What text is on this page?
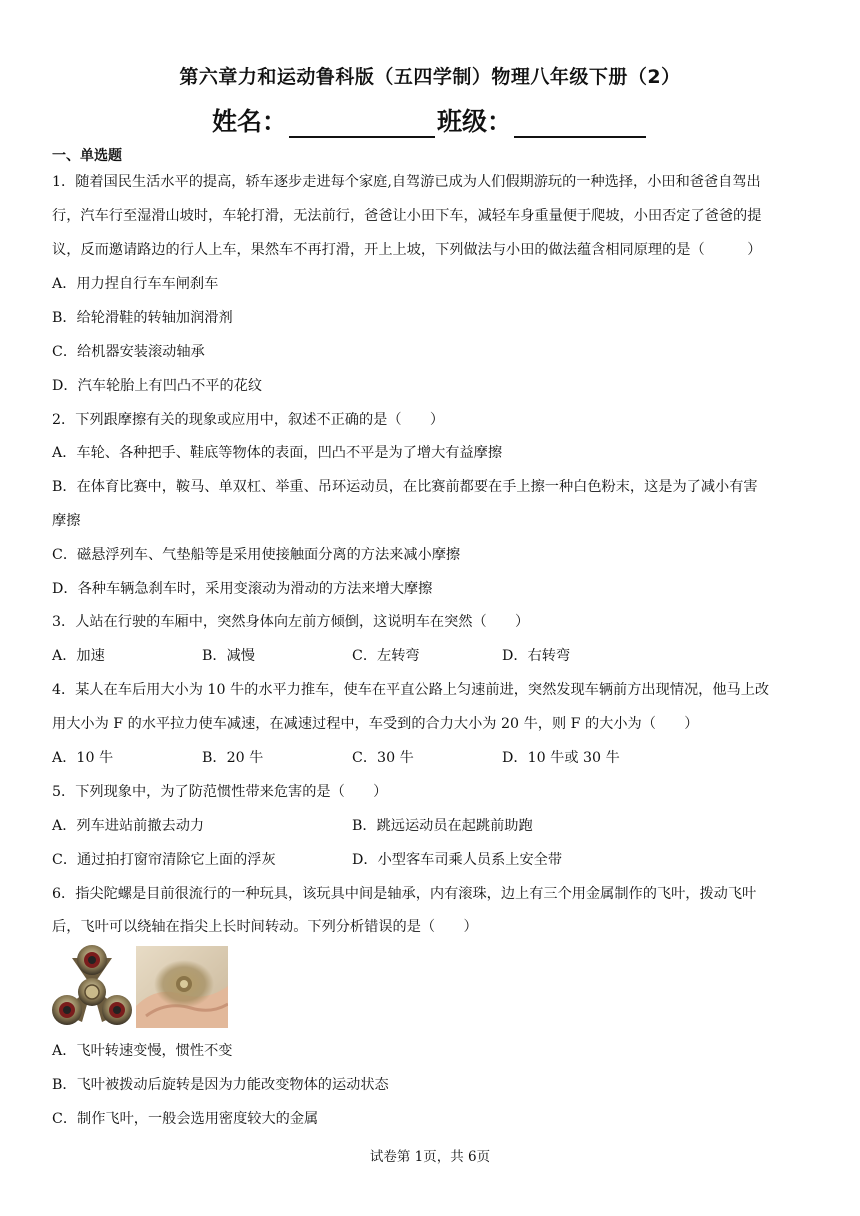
第六章力和运动鲁科版（五四学制）物理八年级下册（2）
姓名：	班级：
一、单选题
1．随着国民生活水平的提高，轿车逐步走进每个家庭,自驾游已成为人们假期游玩的一种选择，小田和爸爸自驾出
行，汽车行至湿滑山坡时，车轮打滑，无法前行，爸爸让小田下车，减轻车身重量便于爬坡，小田否定了爸爸的提
议，反而邀请路边的行人上车，果然车不再打滑，开上上坡，下列做法与小田的做法蕴含相同原理的是（　　　）
A．用力捏自行车车闸刹车
B．给轮滑鞋的转轴加润滑剂
C．给机器安装滚动轴承
D．汽车轮胎上有凹凸不平的花纹
2．下列跟摩擦有关的现象或应用中，叙述不正确的是（　　）
A．车轮、各种把手、鞋底等物体的表面，凹凸不平是为了增大有益摩擦
B．在体育比赛中，鞍马、单双杠、举重、吊环运动员，在比赛前都要在手上擦一种白色粉末，这是为了减小有害
摩擦
C．磁悬浮列车、气垫船等是采用使接触面分离的方法来减小摩擦
D．各种车辆急刹车时，采用变滚动为滑动的方法来增大摩擦
3．人站在行驶的车厢中，突然身体向左前方倾倒，这说明车在突然（　　）
A．加速	B．减慢	C．左转弯	D．右转弯
4．某人在车后用大小为 10 牛的水平力推车，使车在平直公路上匀速前进，突然发现车辆前方出现情况，他马上改
用大小为 F 的水平拉力使车减速，在减速过程中，车受到的合力大小为 20 牛，则 F 的大小为（　　）
A．10 牛	B．20 牛	C．30 牛	D．10 牛或 30 牛
5．下列现象中，为了防范惯性带来危害的是（　　）
A．列车进站前撤去动力	B．跳远运动员在起跳前助跑
C．通过拍打窗帘清除它上面的浮灰	D．小型客车司乘人员系上安全带
6．指尖陀螺是目前很流行的一种玩具，该玩具中间是轴承，内有滚珠，边上有三个用金属制作的飞叶，拨动飞叶
后，飞叶可以绕轴在指尖上长时间转动。下列分析错误的是（　　）
A．飞叶转速变慢，惯性不变
B．飞叶被拨动后旋转是因为力能改变物体的运动状态
C．制作飞叶，一般会选用密度较大的金属
试卷第 1页，共 6页
